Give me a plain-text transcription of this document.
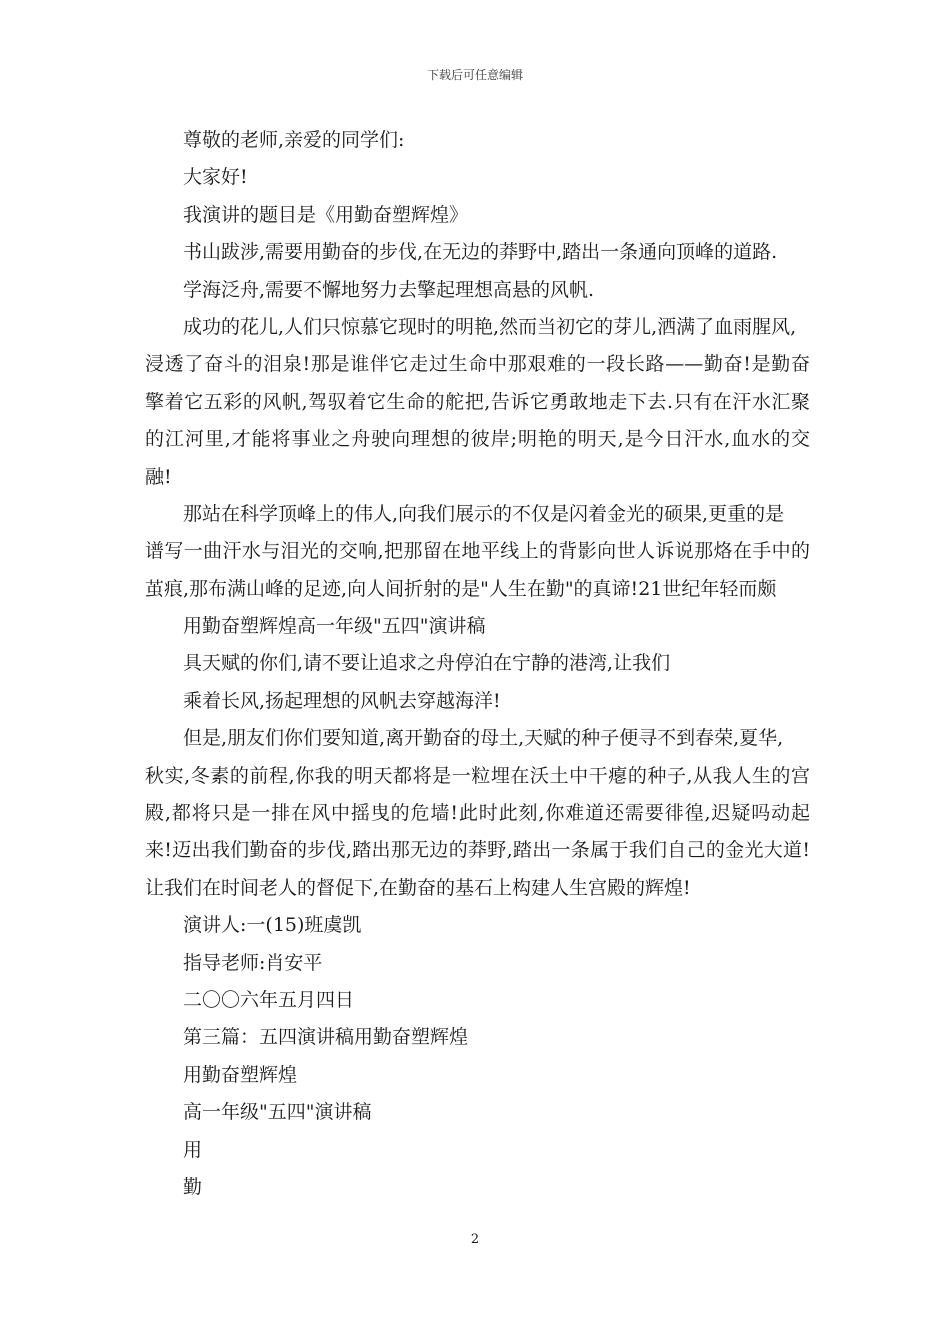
下载后可任意编辑
尊敬的老师,亲爱的同学们:
大家好!
我演讲的题目是《用勤奋塑辉煌》
书山跋涉,需要用勤奋的步伐,在无边的莽野中,踏出一条通向顶峰的道路.
学海泛舟,需要不懈地努力去擎起理想高悬的风帆.
成功的花儿,人们只惊慕它现时的明艳,然而当初它的芽儿,洒满了血雨腥风,
浸透了奋斗的泪泉!那是谁伴它走过生命中那艰难的一段长路——勤奋!是勤奋
擎着它五彩的风帆,驾驭着它生命的舵把,告诉它勇敢地走下去.只有在汗水汇聚
的江河里,才能将事业之舟驶向理想的彼岸;明艳的明天,是今日汗水,血水的交
融!
那站在科学顶峰上的伟人,向我们展示的不仅是闪着金光的硕果,更重的是
谱写一曲汗水与泪光的交响,把那留在地平线上的背影向世人诉说那烙在手中的
茧痕,那布满山峰的足迹,向人间折射的是"人生在勤"的真谛!21世纪年轻而颇
用勤奋塑辉煌高一年级"五四"演讲稿
具天赋的你们,请不要让追求之舟停泊在宁静的港湾,让我们
乘着长风,扬起理想的风帆去穿越海洋!
但是,朋友们你们要知道,离开勤奋的母土,天赋的种子便寻不到春荣,夏华,
秋实,冬素的前程,你我的明天都将是一粒埋在沃土中干瘪的种子,从我人生的宫
殿,都将只是一排在风中摇曳的危墙!此时此刻,你难道还需要徘徨,迟疑吗动起
来!迈出我们勤奋的步伐,踏出那无边的莽野,踏出一条属于我们自己的金光大道!
让我们在时间老人的督促下,在勤奋的基石上构建人生宫殿的辉煌!
演讲人:一(15)班虞凯
指导老师:肖安平
二〇〇六年五月四日
第三篇：五四演讲稿用勤奋塑辉煌
用勤奋塑辉煌
高一年级"五四"演讲稿
用
勤
2
